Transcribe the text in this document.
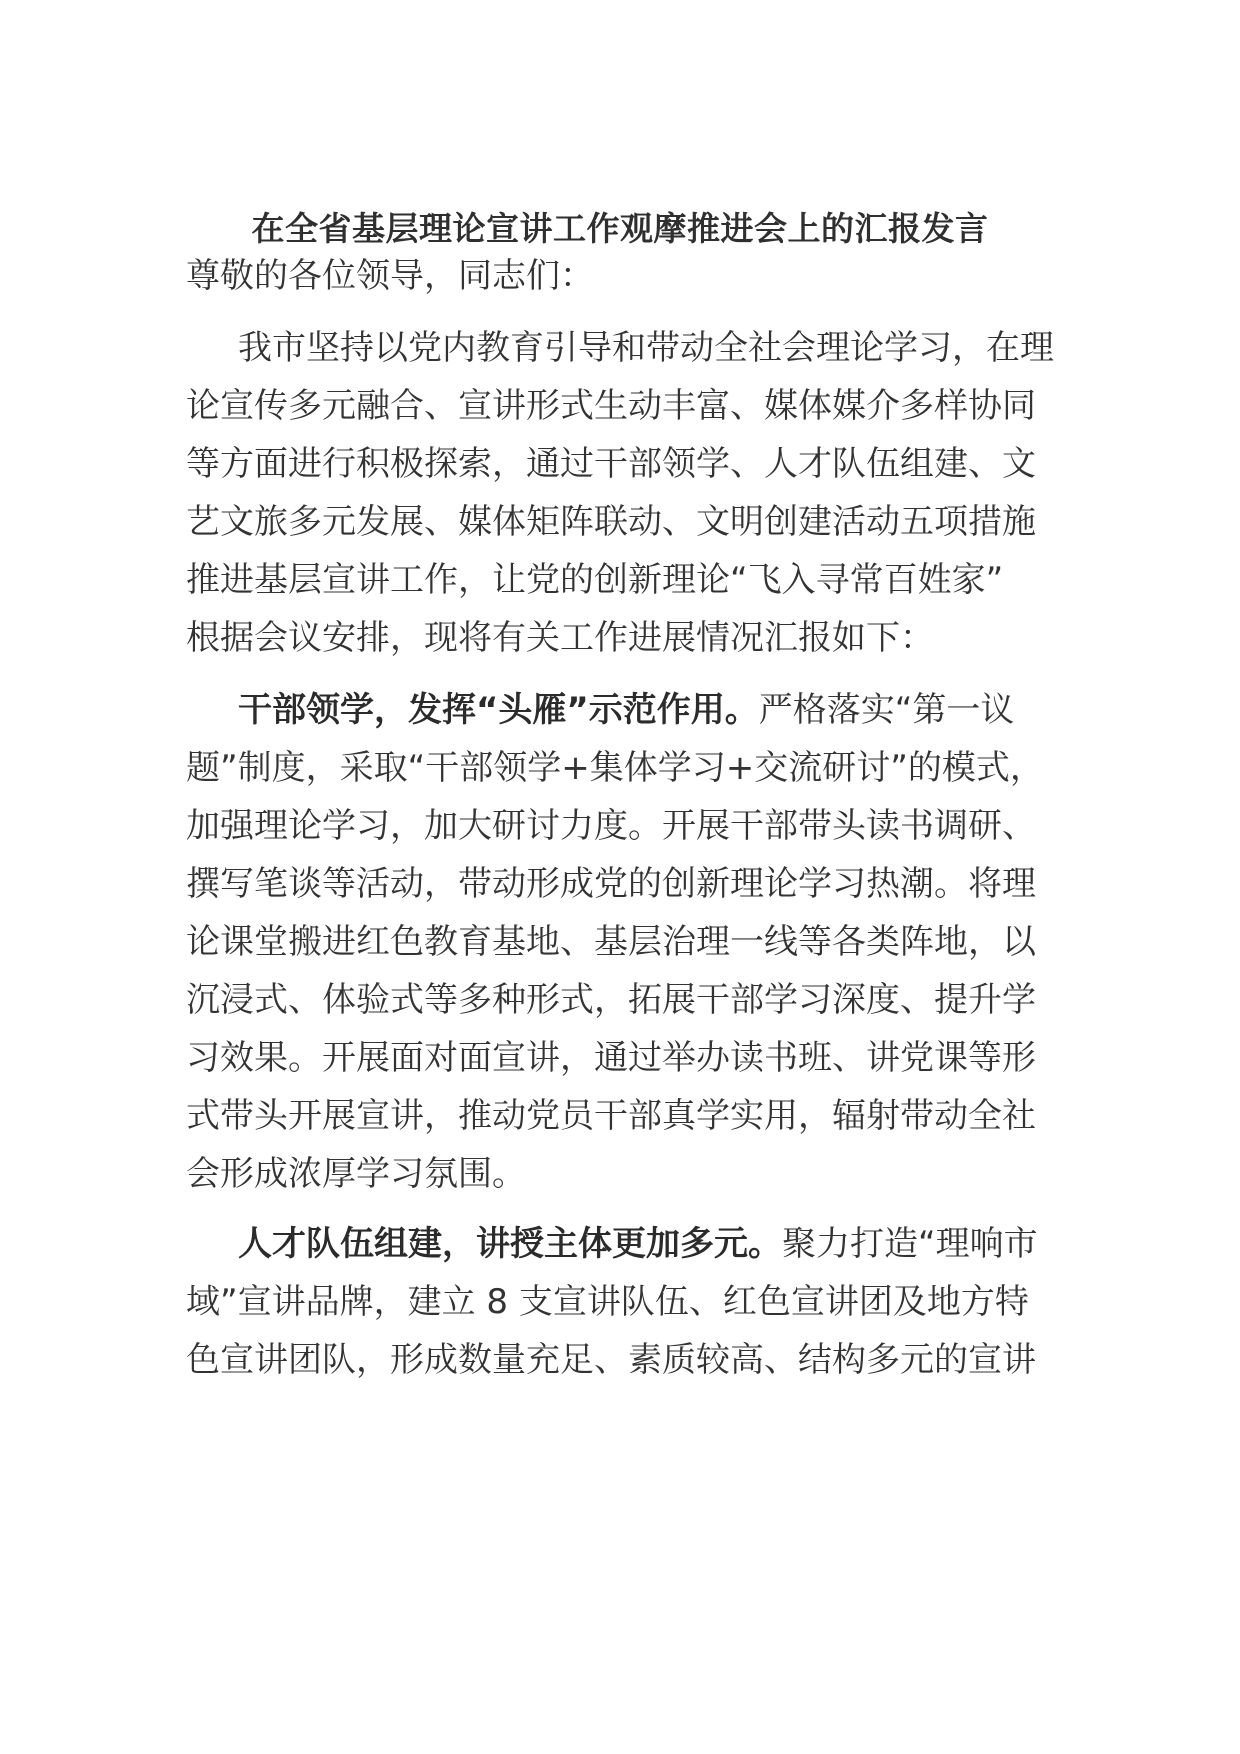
在全省基层理论宣讲工作观摩推进会上的汇报发言
尊敬的各位领导，同志们：
我市坚持以党内教育引导和带动全社会理论学习，在理
论宣传多元融合、宣讲形式生动丰富、媒体媒介多样协同
等方面进行积极探索，通过干部领学、人才队伍组建、文
艺文旅多元发展、媒体矩阵联动、文明创建活动五项措施
推进基层宣讲工作，让党的创新理论“飞入寻常百姓家”
根据会议安排，现将有关工作进展情况汇报如下：
干部领学，发挥“头雁”示范作用。严格落实“第一议
题”制度，采取“干部领学+集体学习+交流研讨”的模式，
加强理论学习，加大研讨力度。开展干部带头读书调研、
撰写笔谈等活动，带动形成党的创新理论学习热潮。将理
论课堂搬进红色教育基地、基层治理一线等各类阵地，以
沉浸式、体验式等多种形式，拓展干部学习深度、提升学
习效果。开展面对面宣讲，通过举办读书班、讲党课等形
式带头开展宣讲，推动党员干部真学实用，辐射带动全社
会形成浓厚学习氛围。
人才队伍组建，讲授主体更加多元。聚力打造“理响市
域”宣讲品牌，建立 8 支宣讲队伍、红色宣讲团及地方特
色宣讲团队，形成数量充足、素质较高、结构多元的宣讲
